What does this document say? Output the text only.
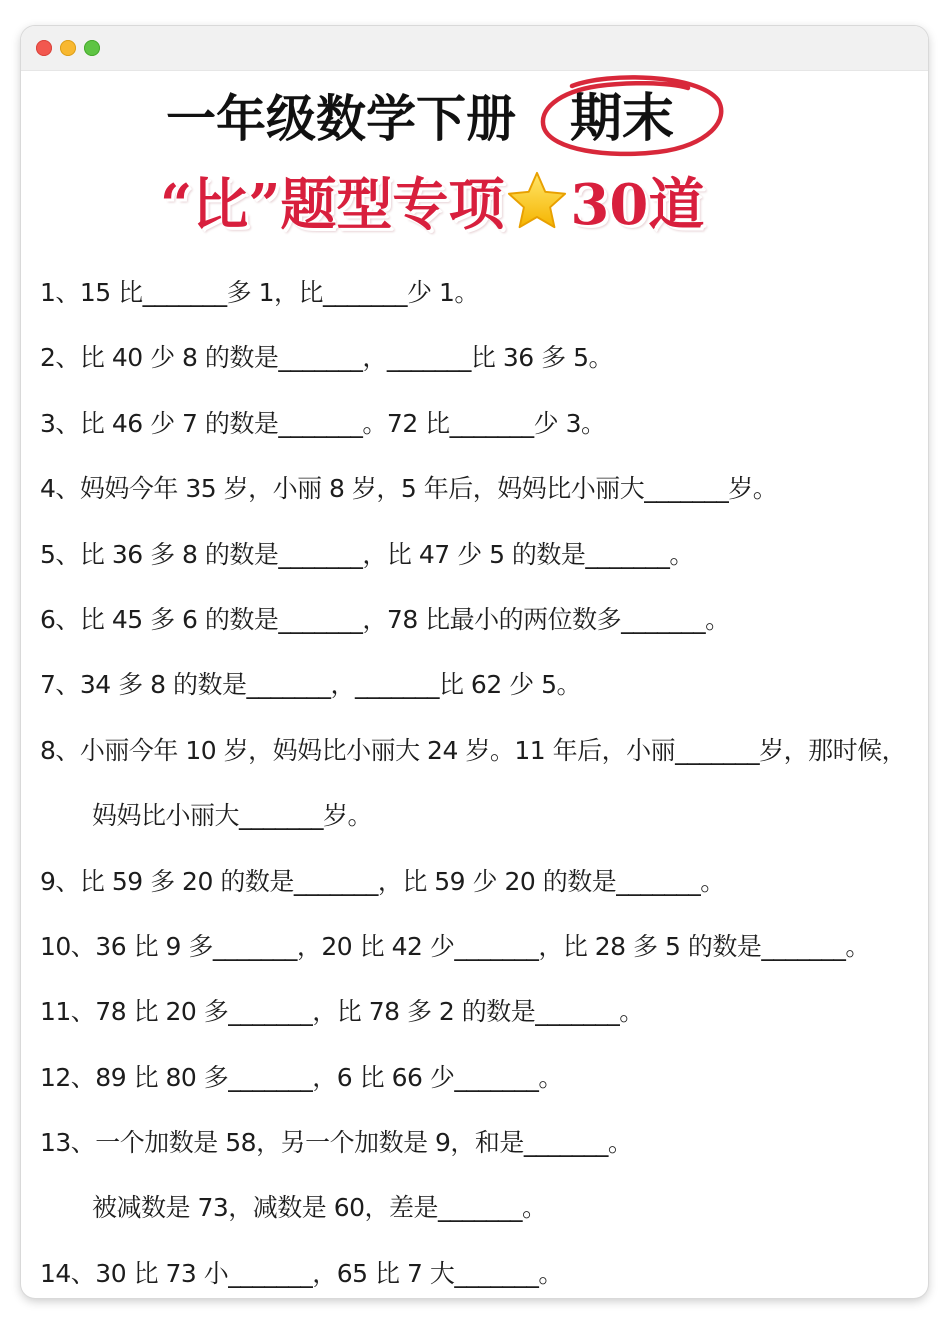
一年级数学下册 期末
“比”题型专项 30道
1、15 比_______多 1，比_______少 1。
2、比 40 少 8 的数是_______，_______比 36 多 5。
3、比 46 少 7 的数是_______。72 比_______少 3。
4、妈妈今年 35 岁，小丽 8 岁，5 年后，妈妈比小丽大_______岁。
5、比 36 多 8 的数是_______，比 47 少 5 的数是_______。
6、比 45 多 6 的数是_______，78 比最小的两位数多_______。
7、34 多 8 的数是_______，_______比 62 少 5。
8、小丽今年 10 岁，妈妈比小丽大 24 岁。11 年后，小丽_______岁，那时候，
妈妈比小丽大_______岁。
9、比 59 多 20 的数是_______，比 59 少 20 的数是_______。
10、36 比 9 多_______，20 比 42 少_______，比 28 多 5 的数是_______。
11、78 比 20 多_______，比 78 多 2 的数是_______。
12、89 比 80 多_______，6 比 66 少_______。
13、一个加数是 58，另一个加数是 9，和是_______。
被减数是 73，减数是 60，差是_______。
14、30 比 73 小_______，65 比 7 大_______。
